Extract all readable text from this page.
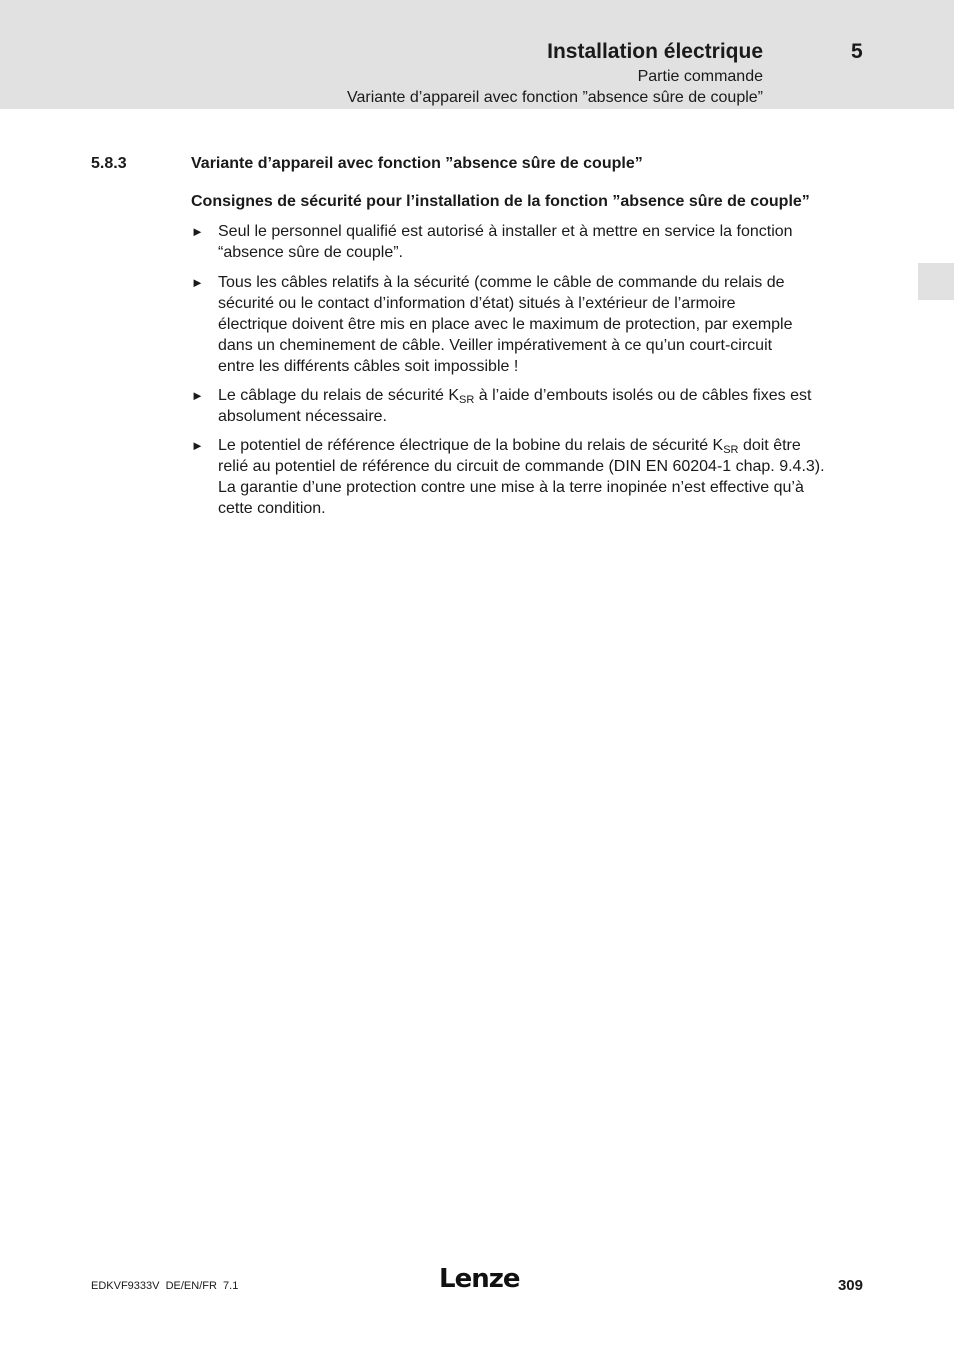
Installation électrique	5
Partie commande
Variante d’appareil avec fonction ”absence sûre de couple”
5.8.3	Variante d’appareil avec fonction ”absence sûre de couple”
Consignes de sécurité pour l’installation de la fonction ”absence sûre de couple”
► Seul le personnel qualifié est autorisé à installer et à mettre en service la fonction
“absence sûre de couple”.
► Tous les câbles relatifs à la sécurité (comme le câble de commande du relais de
sécurité ou le contact d’information d’état) situés à l’extérieur de l’armoire
électrique doivent être mis en place avec le maximum de protection, par exemple
dans un cheminement de câble. Veiller impérativement à ce qu’un court-circuit
entre les différents câbles soit impossible !
► Le câblage du relais de sécurité $K_{SR}$ à l’aide d’embouts isolés ou de câbles fixes est
absolument nécessaire.
► Le potentiel de référence électrique de la bobine du relais de sécurité $K_{SR}$ doit être
relié au potentiel de référence du circuit de commande (DIN EN 60204-1 chap. 9.4.3).
La garantie d’une protection contre une mise à la terre inopinée n’est effective qu’à
cette condition.
EDKVF9333V  DE/EN/FR  7.1	Lenze	309
